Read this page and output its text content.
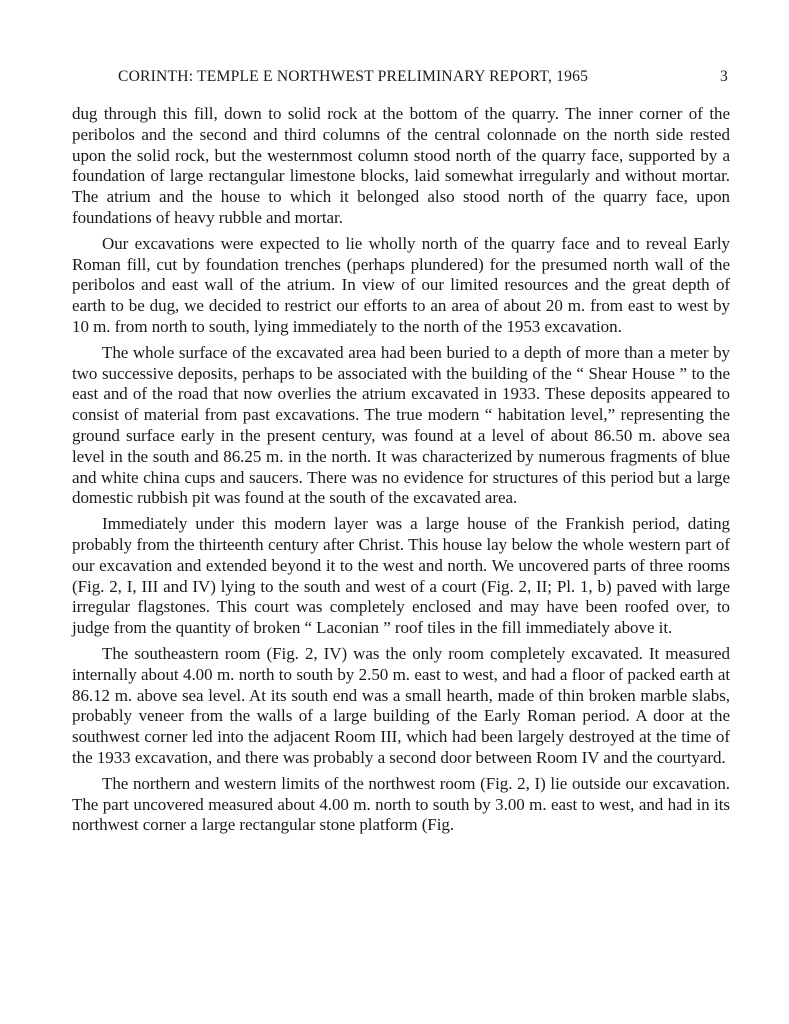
CORINTH: TEMPLE E NORTHWEST PRELIMINARY REPORT, 1965	3

dug through this fill, down to solid rock at the bottom of the quarry. The inner corner of the peribolos and the second and third columns of the central colonnade on the north side rested upon the solid rock, but the westernmost column stood north of the quarry face, supported by a foundation of large rectangular limestone blocks, laid somewhat irregularly and without mortar. The atrium and the house to which it belonged also stood north of the quarry face, upon foundations of heavy rubble and mortar.

Our excavations were expected to lie wholly north of the quarry face and to reveal Early Roman fill, cut by foundation trenches (perhaps plundered) for the presumed north wall of the peribolos and east wall of the atrium. In view of our limited resources and the great depth of earth to be dug, we decided to restrict our efforts to an area of about 20 m. from east to west by 10 m. from north to south, lying immediately to the north of the 1953 excavation.

The whole surface of the excavated area had been buried to a depth of more than a meter by two successive deposits, perhaps to be associated with the building of the “ Shear House ” to the east and of the road that now overlies the atrium excavated in 1933. These deposits appeared to consist of material from past excavations. The true modern “ habitation level,” representing the ground surface early in the present century, was found at a level of about 86.50 m. above sea level in the south and 86.25 m. in the north. It was characterized by numerous fragments of blue and white china cups and saucers. There was no evidence for structures of this period but a large domestic rubbish pit was found at the south of the excavated area.

Immediately under this modern layer was a large house of the Frankish period, dating probably from the thirteenth century after Christ. This house lay below the whole western part of our excavation and extended beyond it to the west and north. We uncovered parts of three rooms (Fig. 2, I, III and IV) lying to the south and west of a court (Fig. 2, II; Pl. 1, b) paved with large irregular flagstones. This court was completely enclosed and may have been roofed over, to judge from the quantity of broken “ Laconian ” roof tiles in the fill immediately above it.

The southeastern room (Fig. 2, IV) was the only room completely excavated. It measured internally about 4.00 m. north to south by 2.50 m. east to west, and had a floor of packed earth at 86.12 m. above sea level. At its south end was a small hearth, made of thin broken marble slabs, probably veneer from the walls of a large building of the Early Roman period. A door at the southwest corner led into the adjacent Room III, which had been largely destroyed at the time of the 1933 excavation, and there was probably a second door between Room IV and the courtyard.

The northern and western limits of the northwest room (Fig. 2, I) lie outside our excavation. The part uncovered measured about 4.00 m. north to south by 3.00 m. east to west, and had in its northwest corner a large rectangular stone platform (Fig.
